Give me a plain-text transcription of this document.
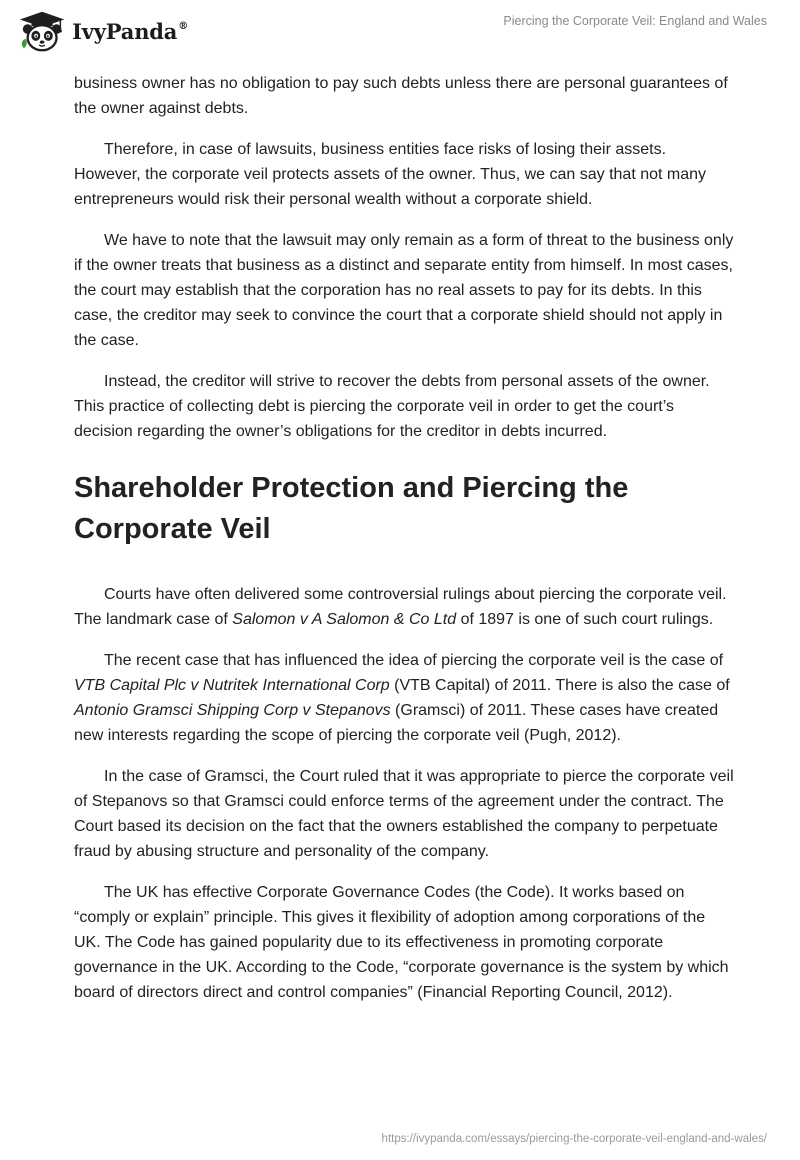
IvyPanda®	Piercing the Corporate Veil: England and Wales

business owner has no obligation to pay such debts unless there are personal guarantees of the owner against debts.

Therefore, in case of lawsuits, business entities face risks of losing their assets. However, the corporate veil protects assets of the owner. Thus, we can say that not many entrepreneurs would risk their personal wealth without a corporate shield.

We have to note that the lawsuit may only remain as a form of threat to the business only if the owner treats that business as a distinct and separate entity from himself. In most cases, the court may establish that the corporation has no real assets to pay for its debts. In this case, the creditor may seek to convince the court that a corporate shield should not apply in the case.

Instead, the creditor will strive to recover the debts from personal assets of the owner. This practice of collecting debt is piercing the corporate veil in order to get the court’s decision regarding the owner’s obligations for the creditor in debts incurred.

Shareholder Protection and Piercing the Corporate Veil

Courts have often delivered some controversial rulings about piercing the corporate veil. The landmark case of Salomon v A Salomon & Co Ltd of 1897 is one of such court rulings.

The recent case that has influenced the idea of piercing the corporate veil is the case of VTB Capital Plc v Nutritek International Corp (VTB Capital) of 2011. There is also the case of Antonio Gramsci Shipping Corp v Stepanovs (Gramsci) of 2011. These cases have created new interests regarding the scope of piercing the corporate veil (Pugh, 2012).

In the case of Gramsci, the Court ruled that it was appropriate to pierce the corporate veil of Stepanovs so that Gramsci could enforce terms of the agreement under the contract. The Court based its decision on the fact that the owners established the company to perpetuate fraud by abusing structure and personality of the company.

The UK has effective Corporate Governance Codes (the Code). It works based on “comply or explain” principle. This gives it flexibility of adoption among corporations of the UK. The Code has gained popularity due to its effectiveness in promoting corporate governance in the UK. According to the Code, “corporate governance is the system by which board of directors direct and control companies” (Financial Reporting Council, 2012).

https://ivypanda.com/essays/piercing-the-corporate-veil-england-and-wales/
